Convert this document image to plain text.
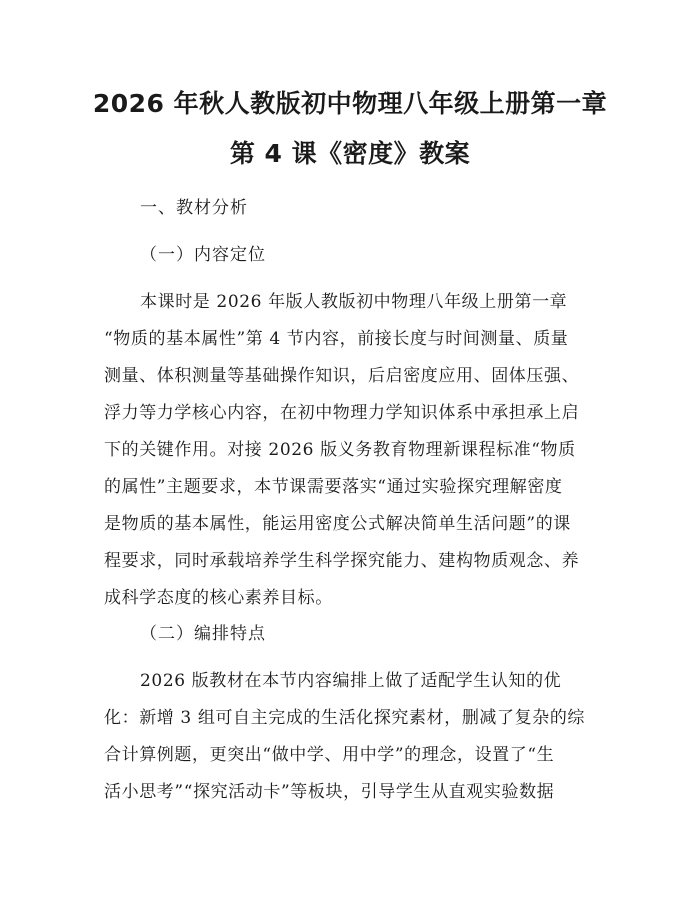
2026 年秋人教版初中物理八年级上册第一章
第 4 课《密度》教案
一、教材分析
（一）内容定位
本课时是 2026 年版人教版初中物理八年级上册第一章
“物质的基本属性”第 4 节内容，前接长度与时间测量、质量
测量、体积测量等基础操作知识，后启密度应用、固体压强、
浮力等力学核心内容，在初中物理力学知识体系中承担承上启
下的关键作用。对接 2026 版义务教育物理新课程标准“物质
的属性”主题要求，本节课需要落实“通过实验探究理解密度
是物质的基本属性，能运用密度公式解决简单生活问题”的课
程要求，同时承载培养学生科学探究能力、建构物质观念、养
成科学态度的核心素养目标。
（二）编排特点
2026 版教材在本节内容编排上做了适配学生认知的优
化：新增 3 组可自主完成的生活化探究素材，删减了复杂的综
合计算例题，更突出“做中学、用中学”的理念，设置了“生
活小思考”“探究活动卡”等板块，引导学生从直观实验数据
